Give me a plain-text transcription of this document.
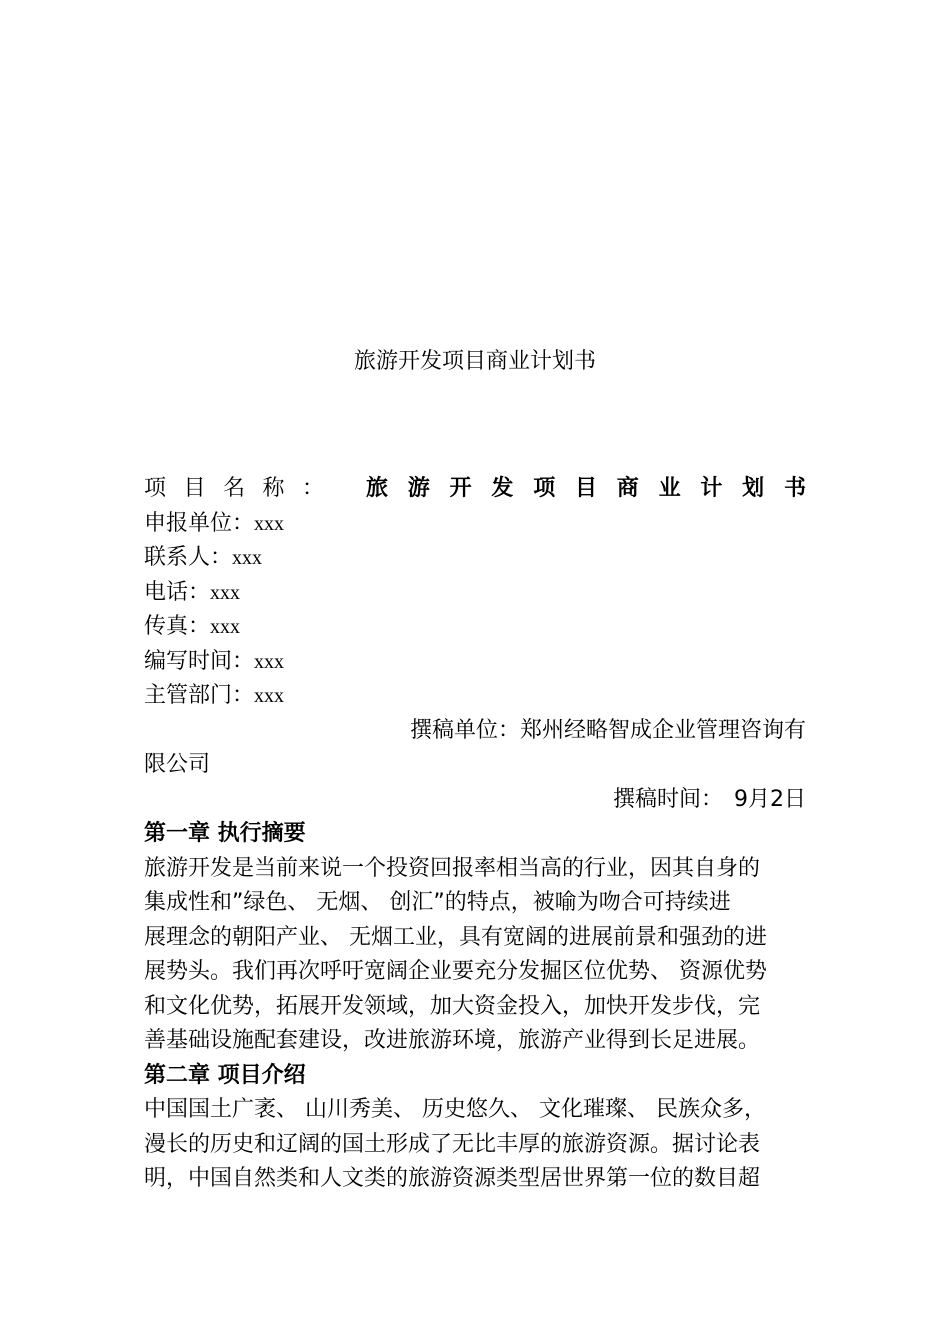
旅游开发项目商业计划书
项 目 名 称 ： 旅 游 开 发 项 目 商 业 计 划 书
申报单位：xxx
联系人：xxx
电话：xxx
传真：xxx
编写时间：xxx
主管部门：xxx
撰稿单位：郑州经略智成企业管理咨询有
限公司
撰稿时间：　9月2日
第一章 执行摘要
旅游开发是当前来说一个投资回报率相当高的行业，因其自身的
集成性和”绿色、 无烟、 创汇”的特点，被喻为吻合可持续进
展理念的朝阳产业、 无烟工业，具有宽阔的进展前景和强劲的进
展势头。我们再次呼吁宽阔企业要充分发掘区位优势、 资源优势
和文化优势，拓展开发领域，加大资金投入，加快开发步伐，完
善基础设施配套建设，改进旅游环境，旅游产业得到长足进展。
第二章 项目介绍
中国国土广袤、 山川秀美、 历史悠久、 文化璀璨、 民族众多，
漫长的历史和辽阔的国土形成了无比丰厚的旅游资源。据讨论表
明，中国自然类和人文类的旅游资源类型居世界第一位的数目超
